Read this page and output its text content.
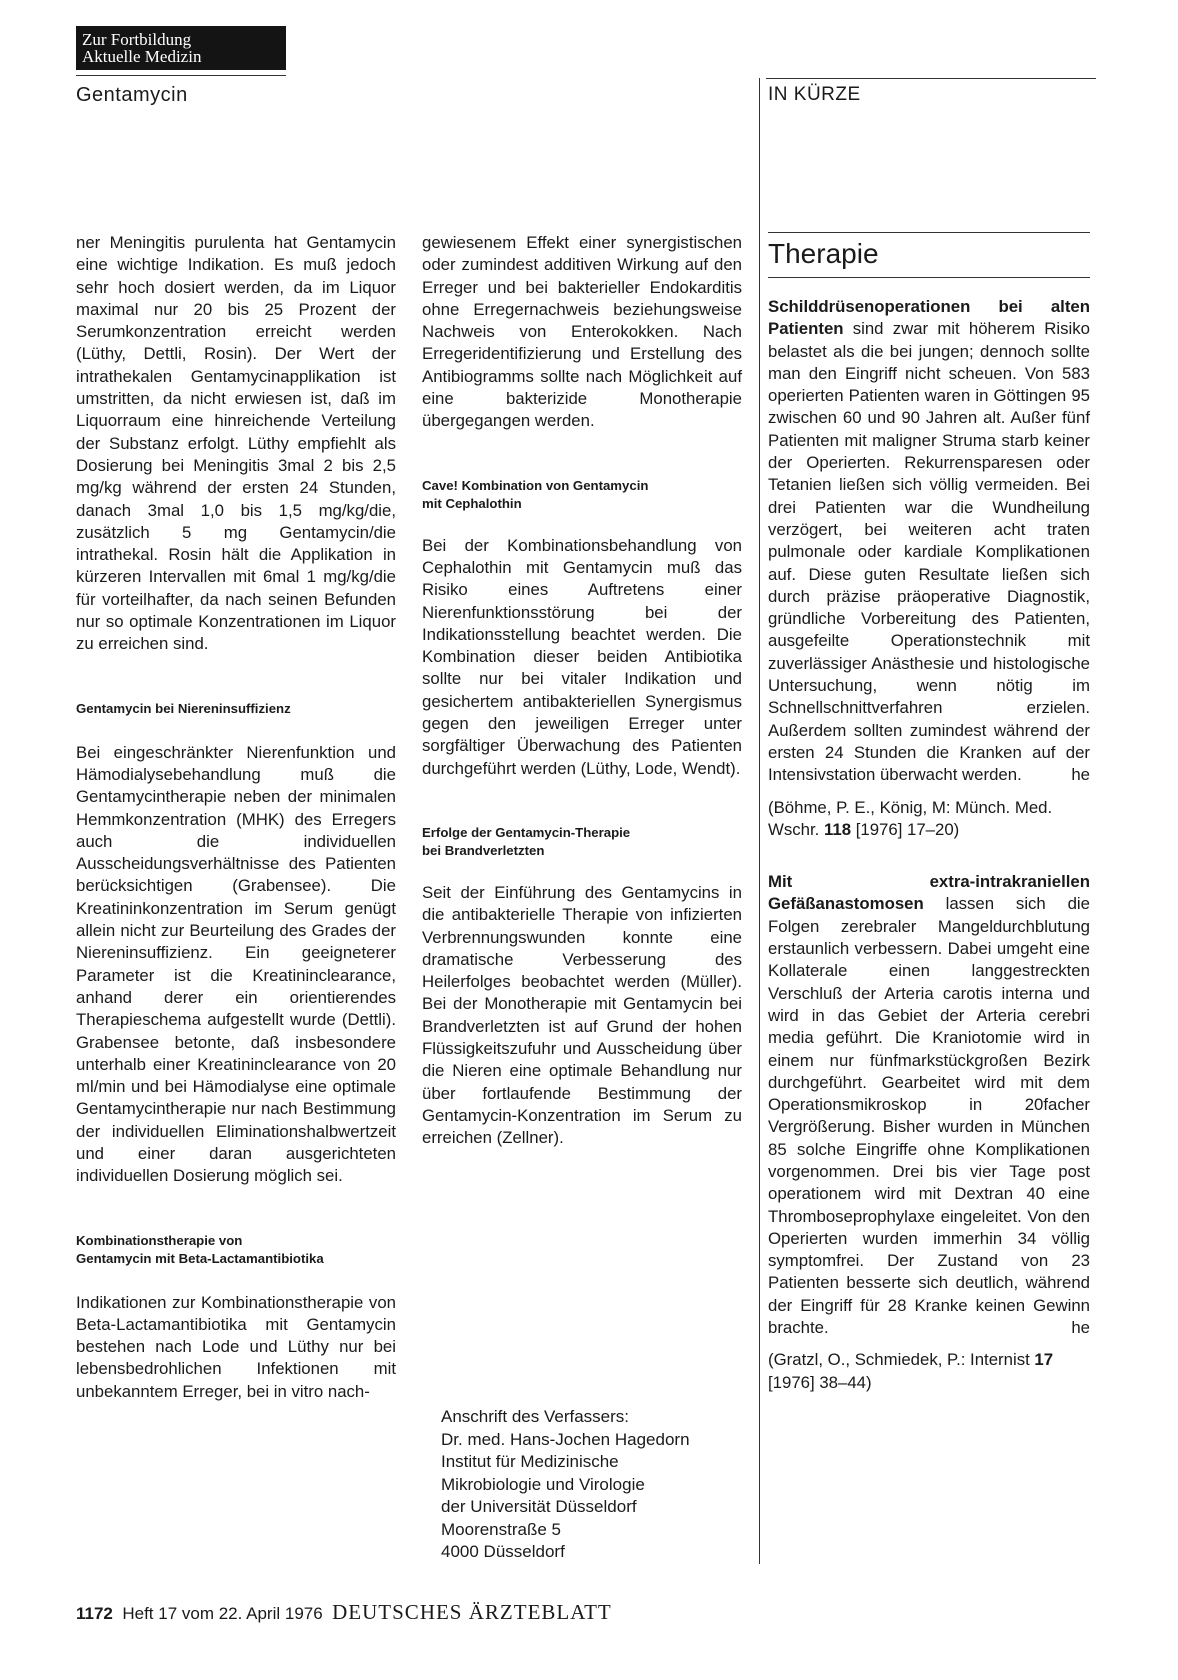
Zur Fortbildung
Aktuelle Medizin
Gentamycin	IN KÜRZE

ner Meningitis purulenta hat Gentamycin eine wichtige Indikation. Es muß jedoch sehr hoch dosiert werden, da im Liquor maximal nur 20 bis 25 Prozent der Serumkonzentration erreicht werden (Lüthy, Dettli, Rosin). Der Wert der intrathekalen Gentamycinapplikation ist umstritten, da nicht erwiesen ist, daß im Liquorraum eine hinreichende Verteilung der Substanz erfolgt. Lüthy empfiehlt als Dosierung bei Meningitis 3mal 2 bis 2,5 mg/kg während der ersten 24 Stunden, danach 3mal 1,0 bis 1,5 mg/kg/die, zusätzlich 5 mg Gentamycin/die intrathekal. Rosin hält die Applikation in kürzeren Intervallen mit 6mal 1 mg/kg/die für vorteilhafter, da nach seinen Befunden nur so optimale Konzentrationen im Liquor zu erreichen sind.

Gentamycin bei Niereninsuffizienz

Bei eingeschränkter Nierenfunktion und Hämodialysebehandlung muß die Gentamycintherapie neben der minimalen Hemmkonzentration (MHK) des Erregers auch die individuellen Ausscheidungsverhältnisse des Patienten berücksichtigen (Grabensee). Die Kreatininkonzentration im Serum genügt allein nicht zur Beurteilung des Grades der Niereninsuffizienz. Ein geeigneterer Parameter ist die Kreatininclearance, anhand derer ein orientierendes Therapieschema aufgestellt wurde (Dettli). Grabensee betonte, daß insbesondere unterhalb einer Kreatininclearance von 20 ml/min und bei Hämodialyse eine optimale Gentamycintherapie nur nach Bestimmung der individuellen Eliminationshalbwertzeit und einer daran ausgerichteten individuellen Dosierung möglich sei.

Kombinationstherapie von
Gentamycin mit Beta-Lactamantibiotika

Indikationen zur Kombinationstherapie von Beta-Lactamantibiotika mit Gentamycin bestehen nach Lode und Lüthy nur bei lebensbedrohlichen Infektionen mit unbekanntem Erreger, bei in vitro nach-

gewiesenem Effekt einer synergistischen oder zumindest additiven Wirkung auf den Erreger und bei bakterieller Endokarditis ohne Erregernachweis beziehungsweise Nachweis von Enterokokken. Nach Erregeridentifizierung und Erstellung des Antibiogramms sollte nach Möglichkeit auf eine bakterizide Monotherapie übergegangen werden.

Cave! Kombination von Gentamycin
mit Cephalothin

Bei der Kombinationsbehandlung von Cephalothin mit Gentamycin muß das Risiko eines Auftretens einer Nierenfunktionsstörung bei der Indikationsstellung beachtet werden. Die Kombination dieser beiden Antibiotika sollte nur bei vitaler Indikation und gesichertem antibakteriellen Synergismus gegen den jeweiligen Erreger unter sorgfältiger Überwachung des Patienten durchgeführt werden (Lüthy, Lode, Wendt).

Erfolge der Gentamycin-Therapie
bei Brandverletzten

Seit der Einführung des Gentamycins in die antibakterielle Therapie von infizierten Verbrennungswunden konnte eine dramatische Verbesserung des Heilerfolges beobachtet werden (Müller). Bei der Monotherapie mit Gentamycin bei Brandverletzten ist auf Grund der hohen Flüssigkeitszufuhr und Ausscheidung über die Nieren eine optimale Behandlung nur über fortlaufende Bestimmung der Gentamycin-Konzentration im Serum zu erreichen (Zellner).

Anschrift des Verfassers:
Dr. med. Hans-Jochen Hagedorn
Institut für Medizinische
Mikrobiologie und Virologie
der Universität Düsseldorf
Moorenstraße 5
4000 Düsseldorf

Therapie

Schilddrüsenoperationen bei alten Patienten sind zwar mit höherem Risiko belastet als die bei jungen; dennoch sollte man den Eingriff nicht scheuen. Von 583 operierten Patienten waren in Göttingen 95 zwischen 60 und 90 Jahren alt. Außer fünf Patienten mit maligner Struma starb keiner der Operierten. Rekurrensparesen oder Tetanien ließen sich völlig vermeiden. Bei drei Patienten war die Wundheilung verzögert, bei weiteren acht traten pulmonale oder kardiale Komplikationen auf. Diese guten Resultate ließen sich durch präzise präoperative Diagnostik, gründliche Vorbereitung des Patienten, ausgefeilte Operationstechnik mit zuverlässiger Anästhesie und histologische Untersuchung, wenn nötig im Schnellschnittverfahren erzielen. Außerdem sollten zumindest während der ersten 24 Stunden die Kranken auf der Intensivstation überwacht werden.	he

(Böhme, P. E., König, M: Münch. Med. Wschr. 118 [1976] 17–20)

Mit extra-intrakraniellen Gefäßanastomosen lassen sich die Folgen zerebraler Mangeldurchblutung erstaunlich verbessern. Dabei umgeht eine Kollaterale einen langgestreckten Verschluß der Arteria carotis interna und wird in das Gebiet der Arteria cerebri media geführt. Die Kraniotomie wird in einem nur fünfmarkstückgroßen Bezirk durchgeführt. Gearbeitet wird mit dem Operationsmikroskop in 20facher Vergrößerung. Bisher wurden in München 85 solche Eingriffe ohne Komplikationen vorgenommen. Drei bis vier Tage post operationem wird mit Dextran 40 eine Thromboseprophylaxe eingeleitet. Von den Operierten wurden immerhin 34 völlig symptomfrei. Der Zustand von 23 Patienten besserte sich deutlich, während der Eingriff für 28 Kranke keinen Gewinn brachte.	he

(Gratzl, O., Schmiedek, P.: Internist 17 [1976] 38–44)

1172 Heft 17 vom 22. April 1976 DEUTSCHES ÄRZTEBLATT
